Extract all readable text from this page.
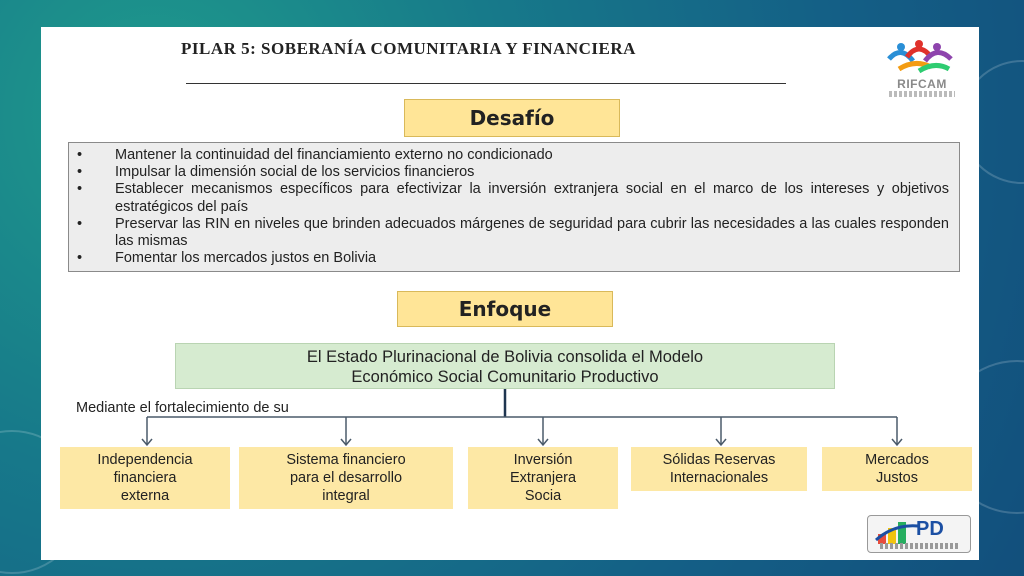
PILAR 5: SOBERANÍA COMUNITARIA Y FINANCIERA
RIFCAM
Desafío
•	Mantener la continuidad del financiamiento externo no condicionado
•	Impulsar la dimensión social de los servicios financieros
•	Establecer mecanismos específicos para efectivizar la inversión extranjera social en el marco de los intereses y objetivos estratégicos del país
•	Preservar las RIN en niveles que brinden adecuados márgenes de seguridad para cubrir las necesidades a las cuales responden las mismas
•	Fomentar los mercados justos en Bolivia
Enfoque
El Estado Plurinacional de Bolivia consolida el Modelo
Económico Social Comunitario Productivo
Mediante el fortalecimiento de su
Independencia
financiera
externa
Sistema financiero
para el desarrollo
integral
Inversión
Extranjera
Socia
Sólidas Reservas
Internacionales
Mercados
Justos
PD
